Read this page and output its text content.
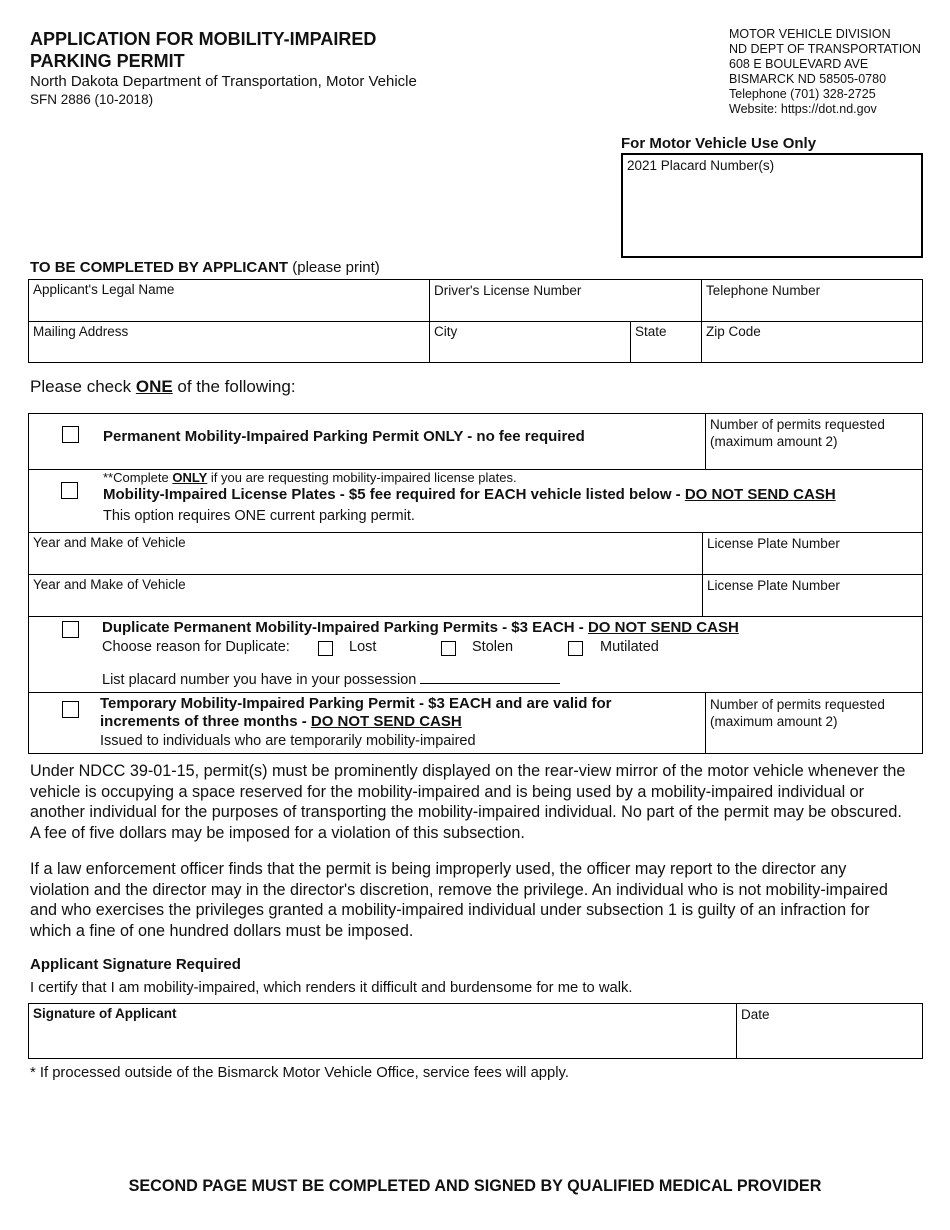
APPLICATION FOR MOBILITY-IMPAIRED
PARKING PERMIT
North Dakota Department of Transportation, Motor Vehicle
SFN 2886 (10-2018)
MOTOR VEHICLE DIVISION
ND DEPT OF TRANSPORTATION
608 E BOULEVARD AVE
BISMARCK ND 58505-0780
Telephone (701) 328-2725
Website: https://dot.nd.gov
For Motor Vehicle Use Only
2021 Placard Number(s)
TO BE COMPLETED BY APPLICANT (please print)
Applicant's Legal Name	Driver's License Number	Telephone Number
Mailing Address	City	State	Zip Code
Please check ONE of the following:
Permanent Mobility-Impaired Parking Permit ONLY - no fee required
Number of permits requested
(maximum amount 2)
**Complete ONLY if you are requesting mobility-impaired license plates.
Mobility-Impaired License Plates - $5 fee required for EACH vehicle listed below - DO NOT SEND CASH
This option requires ONE current parking permit.
Year and Make of Vehicle	License Plate Number
Year and Make of Vehicle	License Plate Number
Duplicate Permanent Mobility-Impaired Parking Permits - $3 EACH - DO NOT SEND CASH
Choose reason for Duplicate:	Lost	Stolen	Mutilated
List placard number you have in your possession
Temporary Mobility-Impaired Parking Permit - $3 EACH and are valid for
increments of three months - DO NOT SEND CASH
Issued to individuals who are temporarily mobility-impaired
Number of permits requested
(maximum amount 2)
Under NDCC 39-01-15, permit(s) must be prominently displayed on the rear-view mirror of the motor vehicle whenever the vehicle is occupying a space reserved for the mobility-impaired and is being used by a mobility-impaired individual or another individual for the purposes of transporting the mobility-impaired individual. No part of the permit may be obscured. A fee of five dollars may be imposed for a violation of this subsection.
If a law enforcement officer finds that the permit is being improperly used, the officer may report to the director any violation and the director may in the director's discretion, remove the privilege. An individual who is not mobility-impaired and who exercises the privileges granted a mobility-impaired individual under subsection 1 is guilty of an infraction for which a fine of one hundred dollars must be imposed.
Applicant Signature Required
I certify that I am mobility-impaired, which renders it difficult and burdensome for me to walk.
Signature of Applicant	Date
* If processed outside of the Bismarck Motor Vehicle Office, service fees will apply.
SECOND PAGE MUST BE COMPLETED AND SIGNED BY QUALIFIED MEDICAL PROVIDER
